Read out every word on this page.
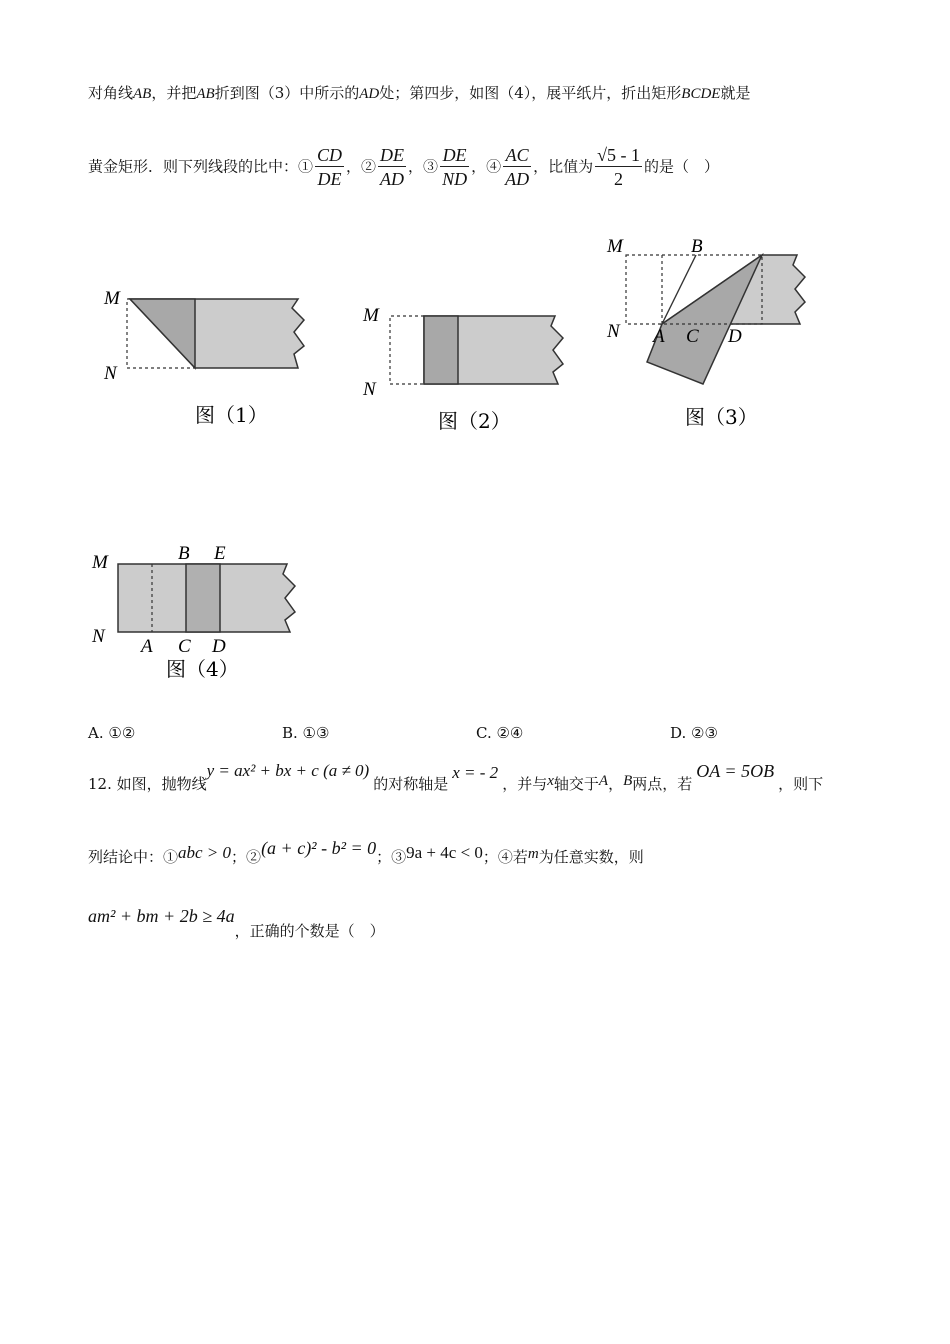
对角线AB，并把AB折到图（3）中所示的AD处；第四步，如图（4），展平纸片，折出矩形BCDE就是
黄金矩形．则下列线段的比中：① $\frac{CD}{DE}$ ，② $\frac{DE}{AD}$ ，③ $\frac{DE}{ND}$ ，④ $\frac{AC}{AD}$ ，比值为 $\frac{√5 - 1}{2}$ 的是（　）
M
N
图（1）
M
N
图（2）
M	B
N A C D
图（3）
M
N
B E
A C D
图（4）
A. ①②	B. ①③	C. ②④	D. ②③
12. 如图，抛物线y = ax² + bx + c (a ≠ 0)的对称轴是x = - 2，并与x轴交于A，B两点，若OA = 5OB，则下
列结论中：①abc > 0；②(a + c)² - b² = 0；③9a + 4c < 0；④若m为任意实数，则
am² + bm + 2b ≥ 4a，正确的个数是（　）
